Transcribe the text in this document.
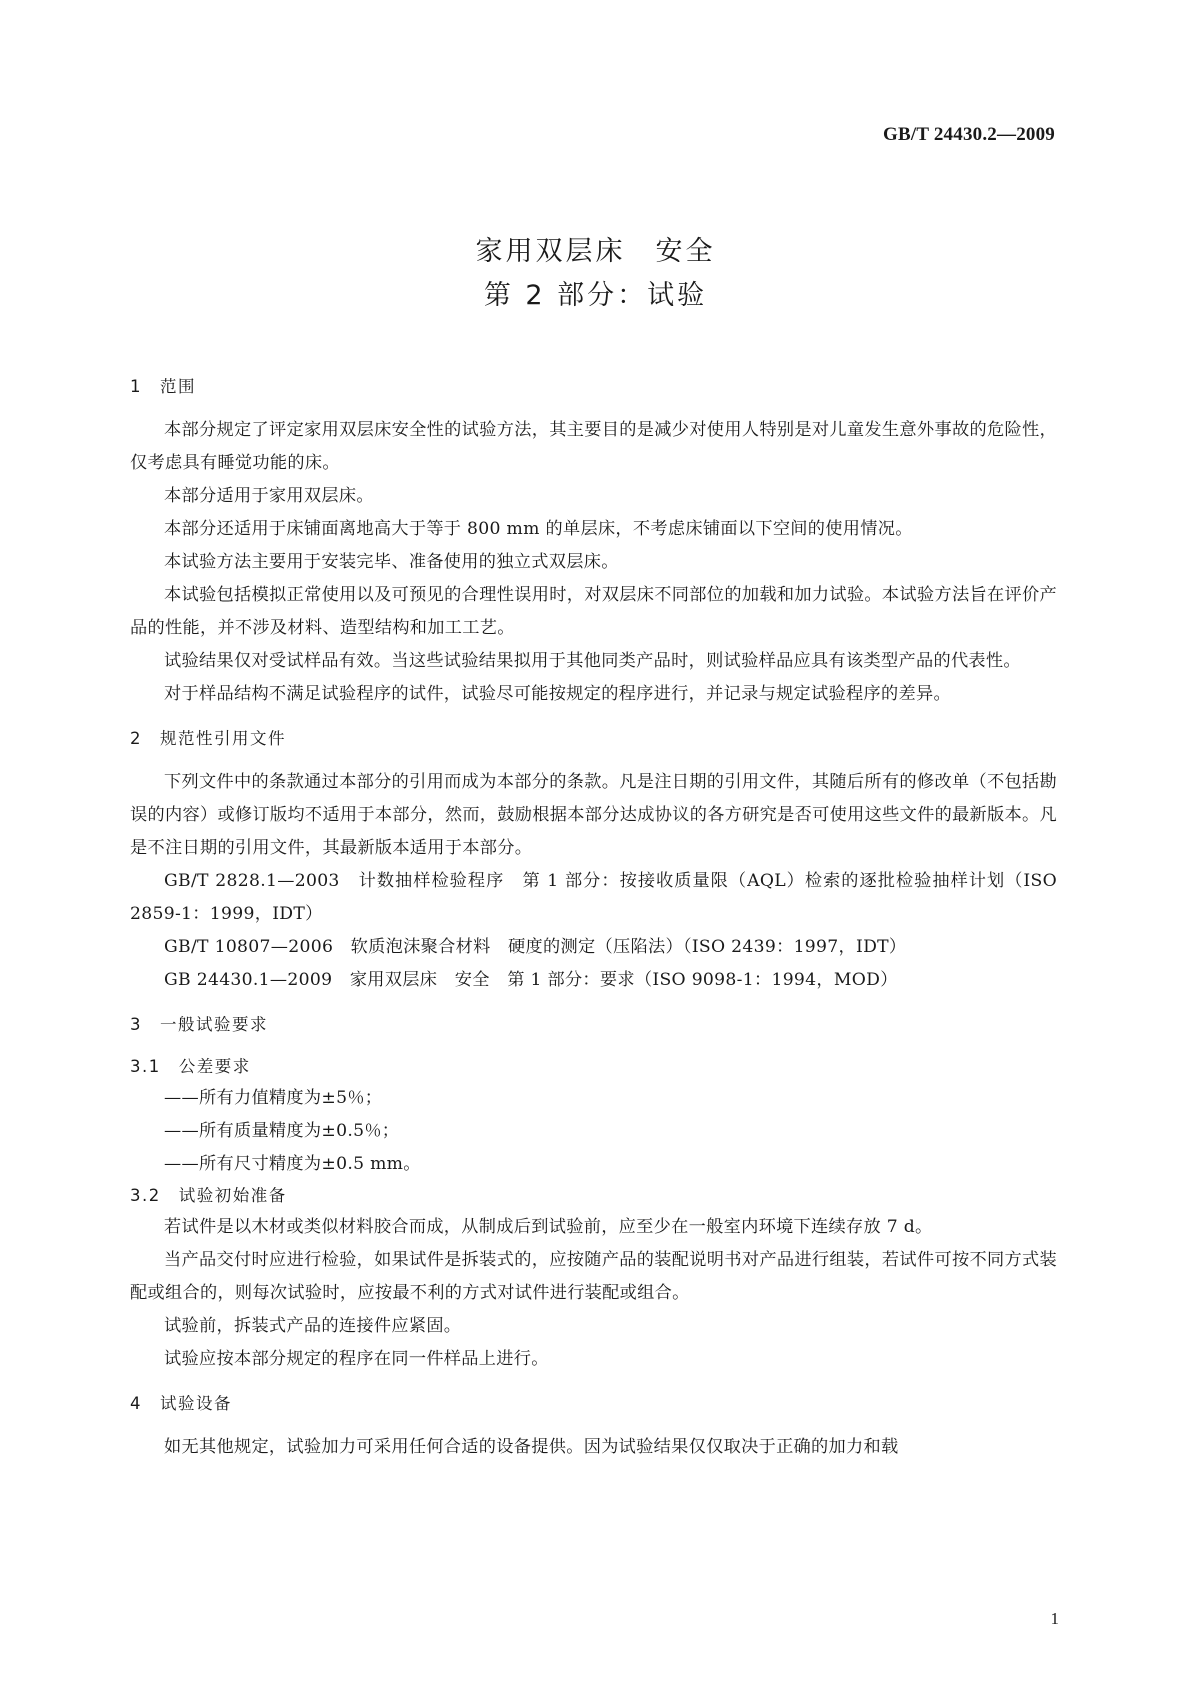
GB/T 24430.2—2009
家用双层床　安全
第 2 部分：试验
1 范围

本部分规定了评定家用双层床安全性的试验方法，其主要目的是减少对使用人特别是对儿童发生意外事故的危险性，仅考虑具有睡觉功能的床。

本部分适用于家用双层床。

本部分还适用于床铺面离地高大于等于 800 mm 的单层床，不考虑床铺面以下空间的使用情况。

本试验方法主要用于安装完毕、准备使用的独立式双层床。

本试验包括模拟正常使用以及可预见的合理性误用时，对双层床不同部位的加载和加力试验。本试验方法旨在评价产品的性能，并不涉及材料、造型结构和加工工艺。

试验结果仅对受试样品有效。当这些试验结果拟用于其他同类产品时，则试验样品应具有该类型产品的代表性。

对于样品结构不满足试验程序的试件，试验尽可能按规定的程序进行，并记录与规定试验程序的差异。

2 规范性引用文件

下列文件中的条款通过本部分的引用而成为本部分的条款。凡是注日期的引用文件，其随后所有的修改单（不包括勘误的内容）或修订版均不适用于本部分，然而，鼓励根据本部分达成协议的各方研究是否可使用这些文件的最新版本。凡是不注日期的引用文件，其最新版本适用于本部分。

GB/T 2828.1—2003　计数抽样检验程序　第 1 部分：按接收质量限（AQL）检索的逐批检验抽样计划（ISO 2859-1：1999，IDT）

GB/T 10807—2006　软质泡沫聚合材料　硬度的测定（压陷法）（ISO 2439：1997，IDT）

GB 24430.1—2009　家用双层床　安全　第 1 部分：要求（ISO 9098-1：1994，MOD）

3 一般试验要求
3.1 公差要求

——所有力值精度为±5％；

——所有质量精度为±0.5％；

——所有尺寸精度为±0.5 mm。

3.2 试验初始准备

若试件是以木材或类似材料胶合而成，从制成后到试验前，应至少在一般室内环境下连续存放 7 d。

当产品交付时应进行检验，如果试件是拆装式的，应按随产品的装配说明书对产品进行组装，若试件可按不同方式装配或组合的，则每次试验时，应按最不利的方式对试件进行装配或组合。

试验前，拆装式产品的连接件应紧固。

试验应按本部分规定的程序在同一件样品上进行。

4 试验设备

如无其他规定，试验加力可采用任何合适的设备提供。因为试验结果仅仅取决于正确的加力和载

1
